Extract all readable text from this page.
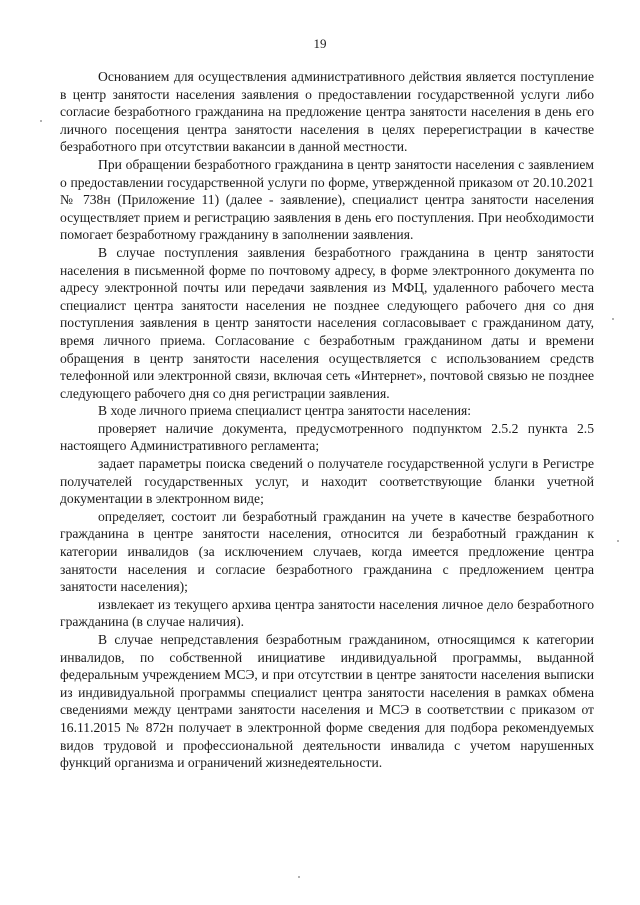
19

Основанием для осуществления административного действия является поступление в центр занятости населения заявления о предоставлении государственной услуги либо согласие безработного гражданина на предложение центра занятости населения в день его личного посещения центра занятости населения в целях перерегистрации в качестве безработного при отсутствии вакансии в данной местности.

При обращении безработного гражданина в центр занятости населения с заявлением о предоставлении государственной услуги по форме, утвержденной приказом от 20.10.2021 № 738н (Приложение 11) (далее - заявление), специалист центра занятости населения осуществляет прием и регистрацию заявления в день его поступления. При необходимости помогает безработному гражданину в заполнении заявления.

В случае поступления заявления безработного гражданина в центр занятости населения в письменной форме по почтовому адресу, в форме электронного документа по адресу электронной почты или передачи заявления из МФЦ, удаленного рабочего места специалист центра занятости населения не позднее следующего рабочего дня со дня поступления заявления в центр занятости населения согласовывает с гражданином дату, время личного приема. Согласование с безработным гражданином даты и времени обращения в центр занятости населения осуществляется с использованием средств телефонной или электронной связи, включая сеть «Интернет», почтовой связью не позднее следующего рабочего дня со дня регистрации заявления.

В ходе личного приема специалист центра занятости населения:

проверяет наличие документа, предусмотренного подпунктом 2.5.2 пункта 2.5 настоящего Административного регламента;

задает параметры поиска сведений о получателе государственной услуги в Регистре получателей государственных услуг, и находит соответствующие бланки учетной документации в электронном виде;

определяет, состоит ли безработный гражданин на учете в качестве безработного гражданина в центре занятости населения, относится ли безработный гражданин к категории инвалидов (за исключением случаев, когда имеется предложение центра занятости населения и согласие безработного гражданина с предложением центра занятости населения);

извлекает из текущего архива центра занятости населения личное дело безработного гражданина (в случае наличия).

В случае непредставления безработным гражданином, относящимся к категории инвалидов, по собственной инициативе индивидуальной программы, выданной федеральным учреждением МСЭ, и при отсутствии в центре занятости населения выписки из индивидуальной программы специалист центра занятости населения в рамках обмена сведениями между центрами занятости населения и МСЭ в соответствии с приказом от 16.11.2015 № 872н получает в электронной форме сведения для подбора рекомендуемых видов трудовой и профессиональной деятельности инвалида с учетом нарушенных функций организма и ограничений жизнедеятельности.
